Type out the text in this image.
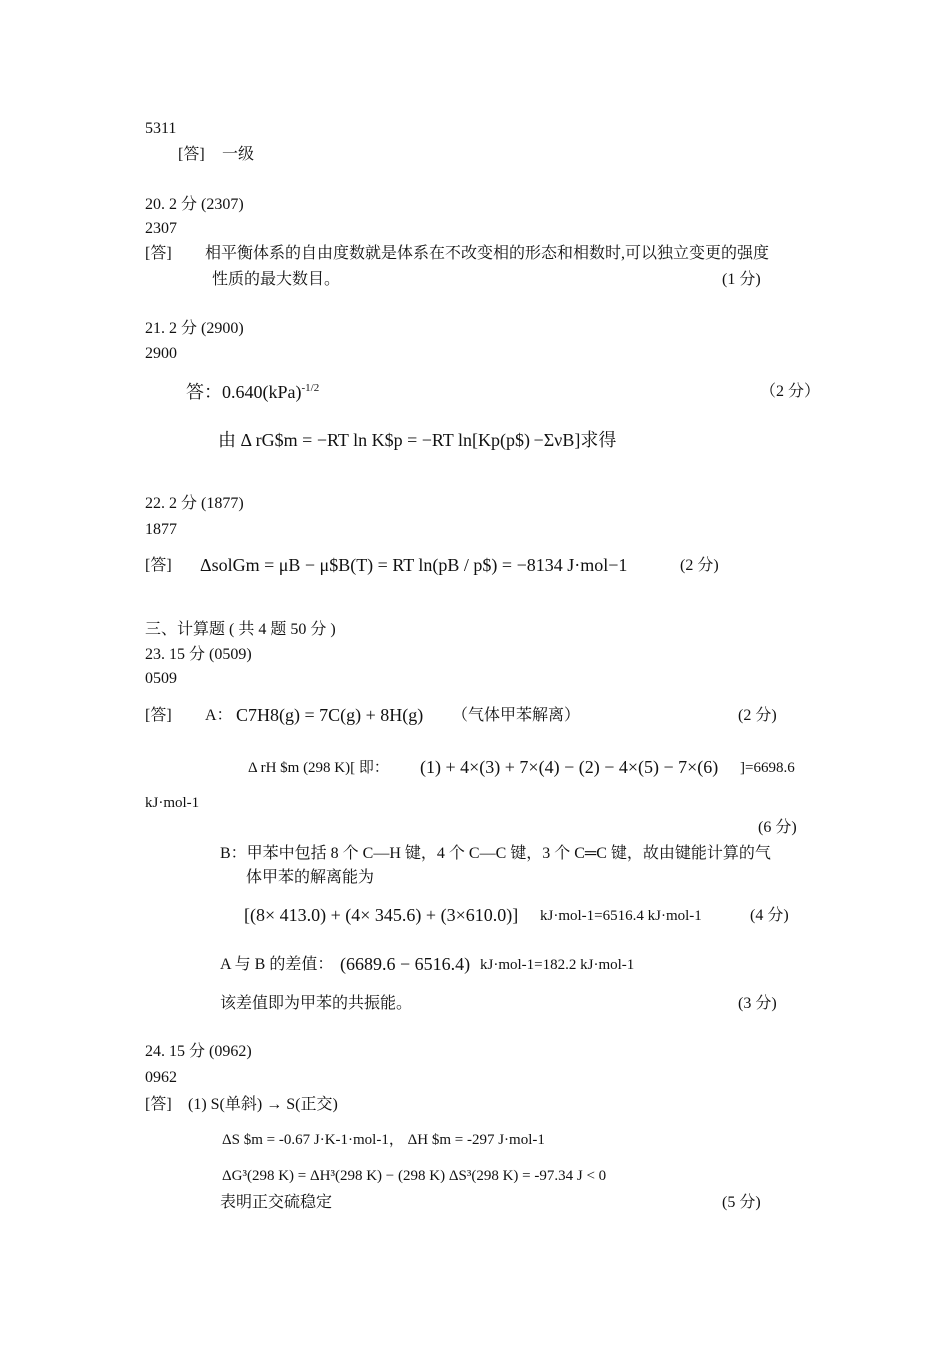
5311
[答] 一级
20. 2 分 (2307)
2307
[答] 相平衡体系的自由度数就是体系在不改变相的形态和相数时,可以独立变更的强度
性质的最大数目。	(1 分)
21. 2 分 (2900)
2900
答：0.640(kPa)$^{-1/2}$	（2 分）
由 Δ rG$m = −RT ln K$p = −RT ln[Kp(p$) −ΣνB]求得
22. 2 分 (1877)
1877
[答] ΔsolGm = μB − μ$B(T) = RT ln(pB / p$) = −8134 J·mol−1	(2 分)
三、计算题 ( 共 4 题 50 分 )
23. 15 分 (0509)
0509
[答] A： C7H8(g) = 7C(g) + 8H(g) （气体甲苯解离）	(2 分)
Δ rH $m (298 K)[ 即： (1) + 4×(3) + 7×(4) − (2) − 4×(5) − 7×(6) ]=6698.6
kJ·mol-1
(6 分)
B：甲苯中包括 8 个 C—H 键，4 个 C—C 键，3 个 C═C 键，故由键能计算的气
体甲苯的解离能为
[(8× 413.0) + (4× 345.6) + (3×610.0)] kJ·mol-1=6516.4 kJ·mol-1	(4 分)
A 与 B 的差值： (6689.6 − 6516.4) kJ·mol-1=182.2 kJ·mol-1
该差值即为甲苯的共振能。	(3 分)
24. 15 分 (0962)
0962
[答] (1) S(单斜) → S(正交)
ΔS $m = -0.67 J·K-1·mol-1， ΔH $m = -297 J·mol-1
ΔG³(298 K) = ΔH³(298 K) − (298 K) ΔS³(298 K) = -97.34 J < 0
表明正交硫稳定	(5 分)
